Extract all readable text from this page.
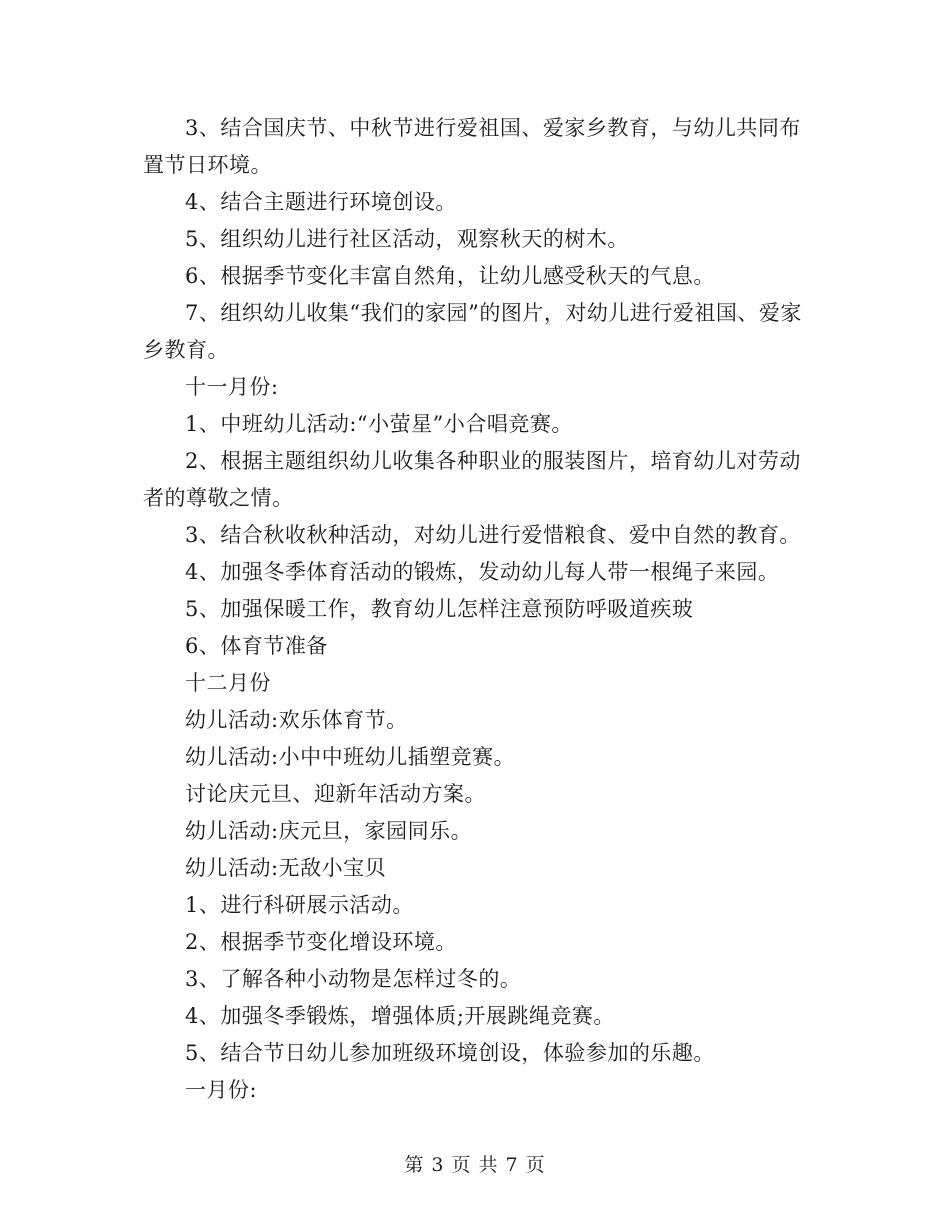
3、结合国庆节、中秋节进行爱祖国、爱家乡教育，与幼儿共同布置节日环境。

4、结合主题进行环境创设。

5、组织幼儿进行社区活动，观察秋天的树木。

6、根据季节变化丰富自然角，让幼儿感受秋天的气息。

7、组织幼儿收集“我们的家园”的图片，对幼儿进行爱祖国、爱家乡教育。

十一月份:

1、中班幼儿活动:“小萤星”小合唱竞赛。

2、根据主题组织幼儿收集各种职业的服装图片，培育幼儿对劳动者的尊敬之情。

3、结合秋收秋种活动，对幼儿进行爱惜粮食、爱中自然的教育。

4、加强冬季体育活动的锻炼，发动幼儿每人带一根绳子来园。

5、加强保暖工作，教育幼儿怎样注意预防呼吸道疾玻

6、体育节准备

十二月份

幼儿活动:欢乐体育节。

幼儿活动:小中中班幼儿插塑竞赛。

讨论庆元旦、迎新年活动方案。

幼儿活动:庆元旦，家园同乐。

幼儿活动:无敌小宝贝

1、进行科研展示活动。

2、根据季节变化增设环境。

3、了解各种小动物是怎样过冬的。

4、加强冬季锻炼，增强体质;开展跳绳竞赛。

5、结合节日幼儿参加班级环境创设，体验参加的乐趣。

一月份:

第 3 页 共 7 页
